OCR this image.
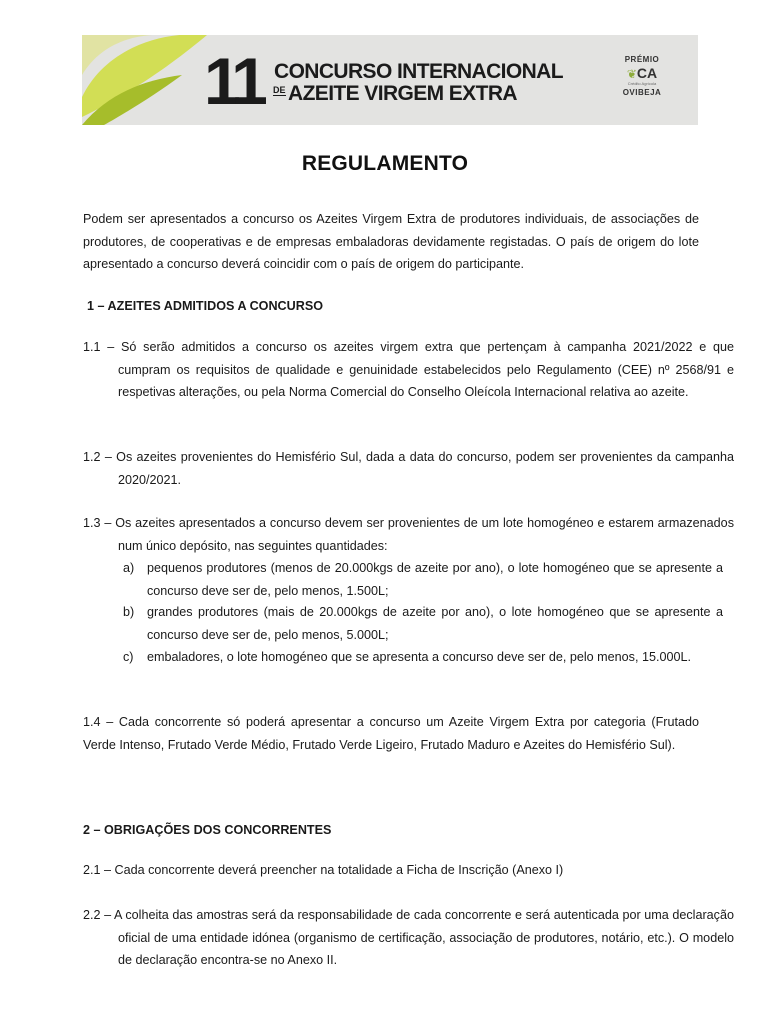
11 CONCURSO INTERNACIONAL
DE AZEITE VIRGEM EXTRA
PRÉMIO
❦CA
Crédito Agrícola
OVIBEJA
REGULAMENTO

Podem ser apresentados a concurso os Azeites Virgem Extra de produtores individuais, de associações de produtores, de cooperativas e de empresas embaladoras devidamente registadas. O país de origem do lote apresentado a concurso deverá coincidir com o país de origem do participante.

1 – AZEITES ADMITIDOS A CONCURSO

1.1 – Só serão admitidos a concurso os azeites virgem extra que pertençam à campanha 2021/2022 e que cumpram os requisitos de qualidade e genuinidade estabelecidos pelo Regulamento (CEE) nº 2568/91 e respetivas alterações, ou pela Norma Comercial do Conselho Oleícola Internacional relativa ao azeite.

1.2 – Os azeites provenientes do Hemisfério Sul, dada a data do concurso, podem ser provenientes da campanha 2020/2021.

1.3 – Os azeites apresentados a concurso devem ser provenientes de um lote homogéneo e estarem armazenados num único depósito, nas seguintes quantidades:

a) pequenos produtores (menos de 20.000kgs de azeite por ano), o lote homogéneo que se apresente a concurso deve ser de, pelo menos, 1.500L;

b) grandes produtores (mais de 20.000kgs de azeite por ano), o lote homogéneo que se apresente a concurso deve ser de, pelo menos, 5.000L;

c) embaladores, o lote homogéneo que se apresenta a concurso deve ser de, pelo menos, 15.000L.

1.4 – Cada concorrente só poderá apresentar a concurso um Azeite Virgem Extra por categoria (Frutado Verde Intenso, Frutado Verde Médio, Frutado Verde Ligeiro, Frutado Maduro e Azeites do Hemisfério Sul).

2 – OBRIGAÇÕES DOS CONCORRENTES

2.1 – Cada concorrente deverá preencher na totalidade a Ficha de Inscrição (Anexo I)

2.2 – A colheita das amostras será da responsabilidade de cada concorrente e será autenticada por uma declaração oficial de uma entidade idónea (organismo de certificação, associação de produtores, notário, etc.). O modelo de declaração encontra-se no Anexo II.
